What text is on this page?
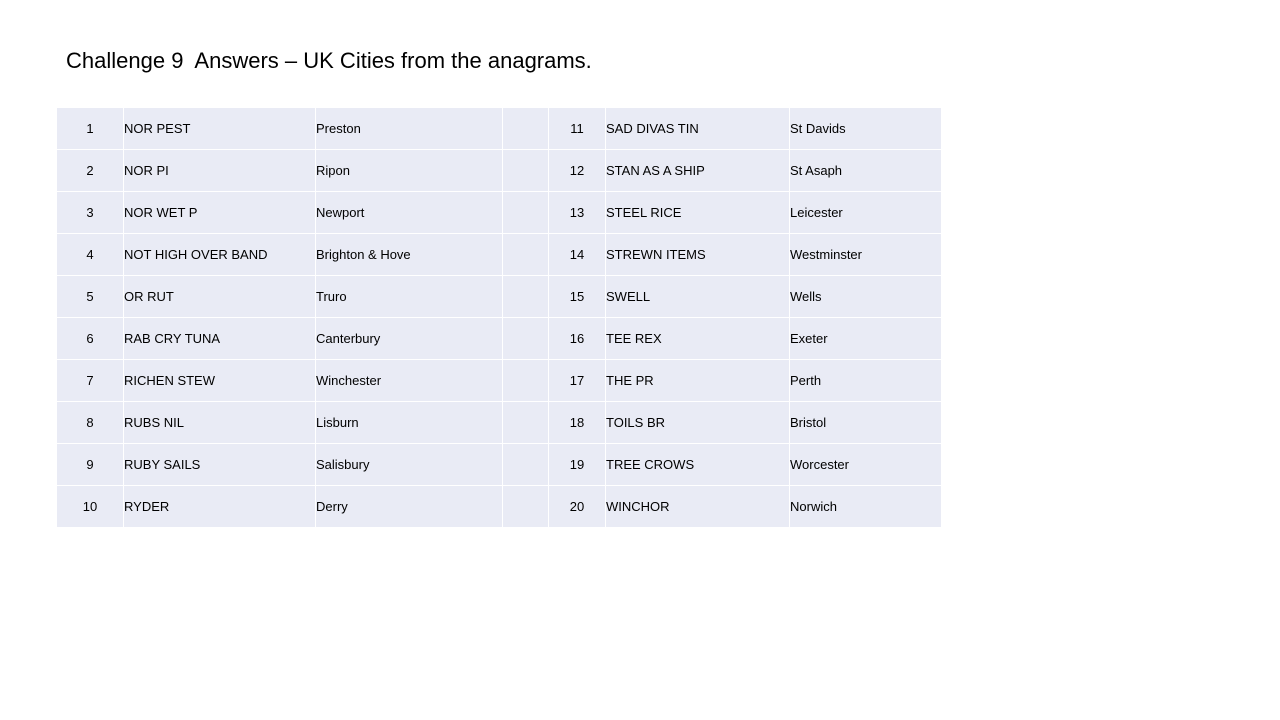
Challenge 9  Answers – UK Cities from the anagrams.
1	NOR PEST	Preston		11	SAD DIVAS TIN	St Davids
2	NOR PI	Ripon		12	STAN AS A SHIP	St Asaph
3	NOR WET P	Newport		13	STEEL RICE	Leicester
4	NOT HIGH OVER BAND	Brighton & Hove		14	STREWN ITEMS	Westminster
5	OR RUT	Truro		15	SWELL	Wells
6	RAB CRY TUNA	Canterbury		16	TEE REX	Exeter
7	RICHEN STEW	Winchester		17	THE PR	Perth
8	RUBS NIL	Lisburn		18	TOILS BR	Bristol
9	RUBY SAILS	Salisbury		19	TREE CROWS	Worcester
10	RYDER	Derry		20	WINCHOR	Norwich
